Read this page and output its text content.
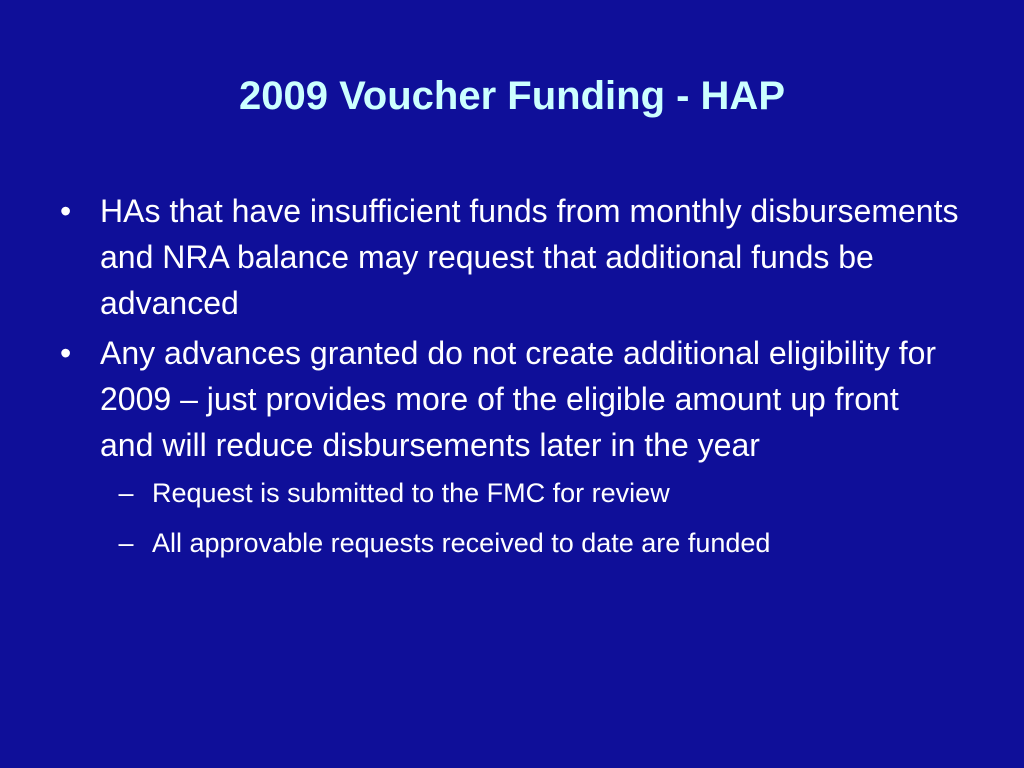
2009 Voucher Funding - HAP
• HAs that have insufficient funds from monthly disbursements and NRA balance may request that additional funds be advanced
• Any advances granted do not create additional eligibility for 2009 – just provides more of the eligible amount up front and will reduce disbursements later in the year
– Request is submitted to the FMC for review
– All approvable requests received to date are funded
